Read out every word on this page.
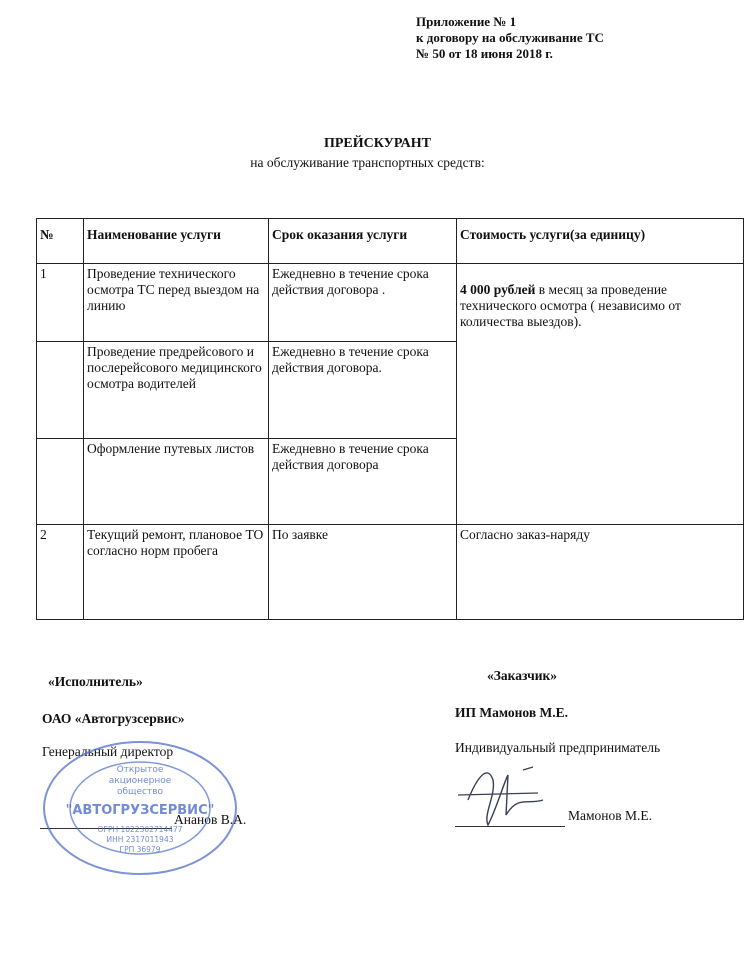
Приложение № 1
к договору на обслуживание ТС
№ 50 от 18 июня 2018 г.
ПРЕЙСКУРАНТ
на обслуживание транспортных средств:
№	Наименование услуги	Срок оказания услуги	Стоимость услуги(за единицу)
1	Проведение технического осмотра ТС перед выездом на линию	Ежедневно в течение срока действия договора .	4 000 рублей в месяц за проведение технического осмотра ( независимо от количества выездов).
	Проведение предрейсового и послерейсового медицинского осмотра водителей	Ежедневно в течение срока действия договора.	
	Оформление путевых листов	Ежедневно в течение срока действия договора	
2	Текущий ремонт, плановое ТО согласно норм пробега	По заявке	Согласно заказ-наряду
«Исполнитель»
ОАО «Автогрузсервис»
Генеральный директор
Ананов В.А.
«Заказчик»
ИП Мамонов М.Е.
Индивидуальный предприниматель
Мамонов М.Е.
Открытое
акционерное
общество
"АВТОГРУЗСЕРВИС"
ОГРН 1022302714477
ИНН 2317011943
ГРП 36979
